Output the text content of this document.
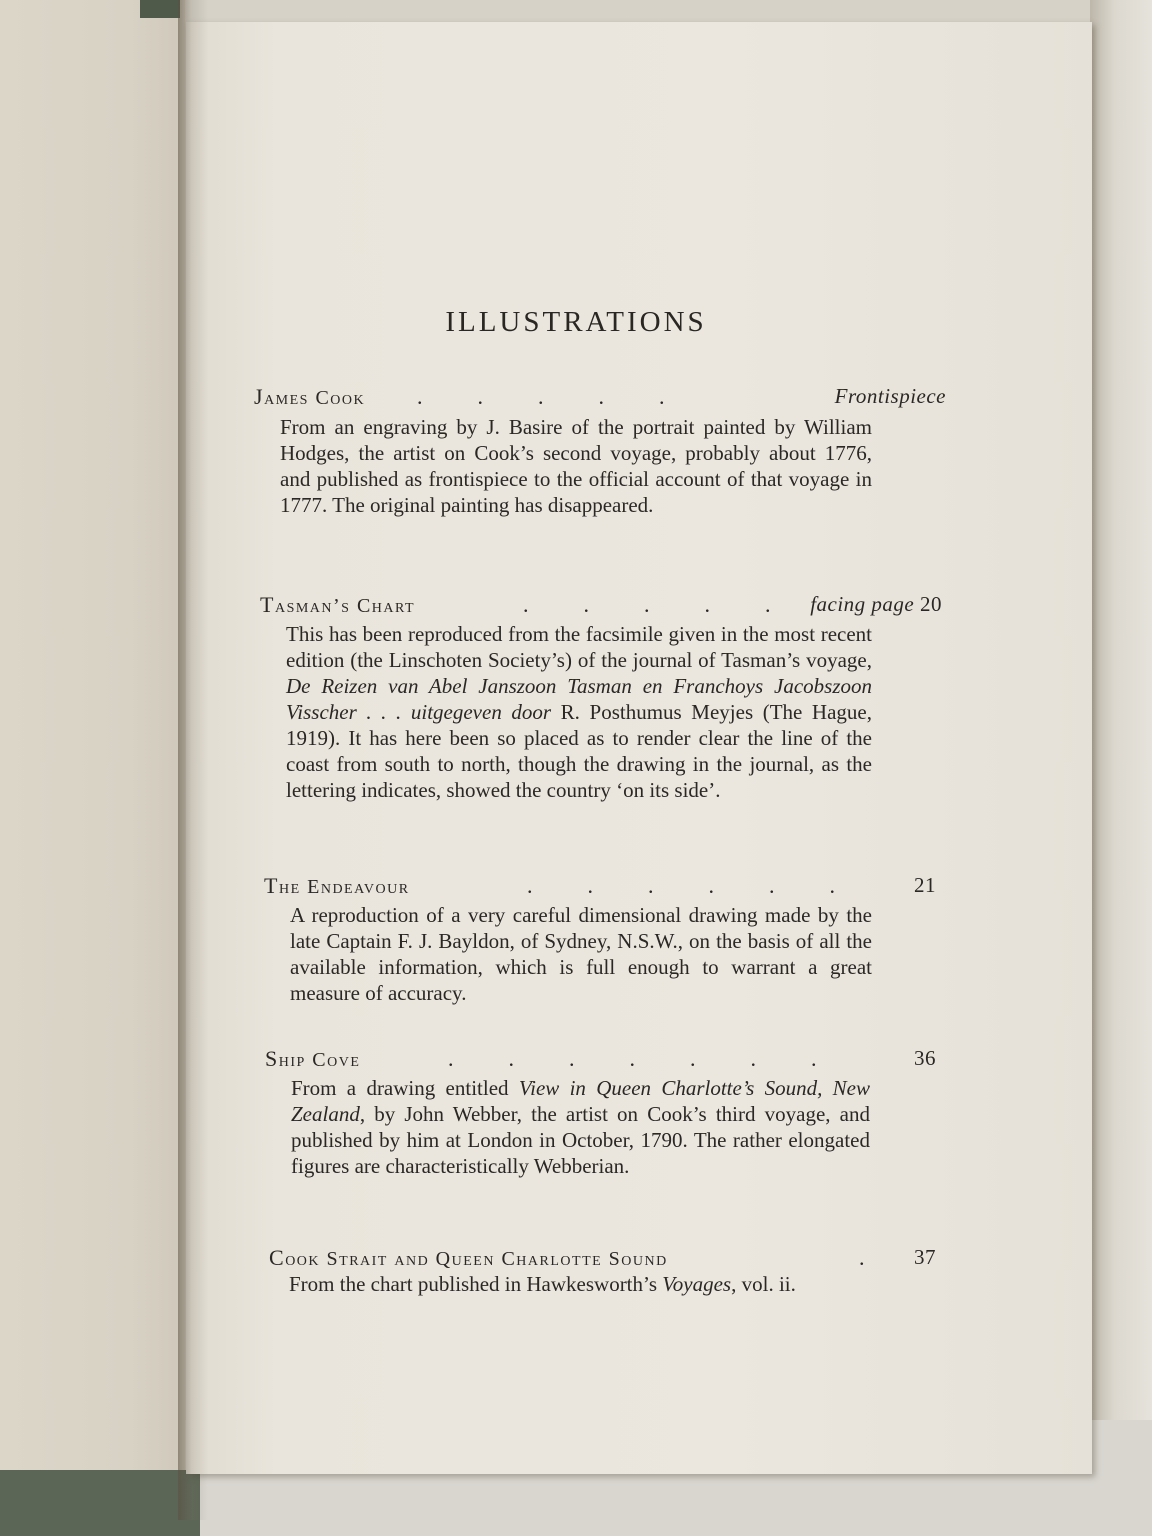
ILLUSTRATIONS
James Cook .          .          .          .          .	Frontispiece
From an engraving by J. Basire of the portrait painted by William Hodges, the artist on Cook’s second voyage, probably about 1776, and published as frontispiece to the official account of that voyage in 1777. The original painting has disappeared.
Tasman’s Chart	.          .          .          .          . facing page 20
This has been reproduced from the facsimile given in the most recent edition (the Linschoten Society’s) of the journal of Tasman’s voyage, De Reizen van Abel Janszoon Tasman en Franchoys Jacobszoon Visscher . . . uitgegeven door R. Posthumus Meyjes (The Hague, 1919). It has here been so placed as to render clear the line of the coast from south to north, though the drawing in the journal, as the lettering indicates, showed the country ‘on its side’.
The Endeavour	.          .          .          .          .          .	21
A reproduction of a very careful dimensional drawing made by the late Captain F. J. Bayldon, of Sydney, N.S.W., on the basis of all the available information, which is full enough to warrant a great measure of accuracy.
Ship Cove	.          .          .          .          .          .          .	36
From a drawing entitled View in Queen Charlotte’s Sound, New Zealand, by John Webber, the artist on Cook’s third voyage, and published by him at London in October, 1790. The rather elongated figures are characteristically Webberian.
Cook Strait and Queen Charlotte Sound	. 37
From the chart published in Hawkesworth’s Voyages, vol. ii.
